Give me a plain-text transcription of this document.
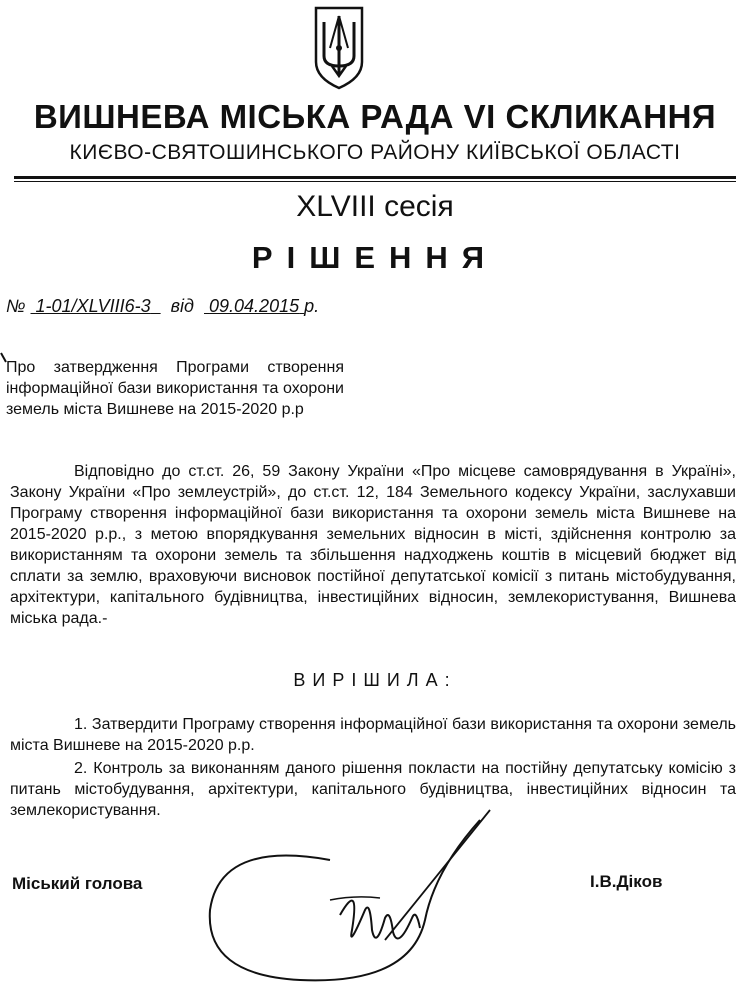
ВИШНЕВА МІСЬКА РАДА VI СКЛИКАННЯ
КИЄВО-СВЯТОШИНСЬКОГО РАЙОНУ КИЇВСЬКОЇ ОБЛАСТІ
XLVIII сесія
РІШЕННЯ
№ 1-01/XLVIII6-3 від 09.04.2015 р.
Про затвердження Програми створення інформаційної бази використання та охорони земель міста Вишневе на 2015-2020 р.р
Відповідно до ст.ст. 26, 59 Закону України «Про місцеве самоврядування в Україні», Закону України «Про землеустрій», до ст.ст. 12, 184 Земельного кодексу України, заслухавши Програму створення інформаційної бази використання та охорони земель міста Вишневе на 2015-2020 р.р., з метою впорядкування земельних відносин в місті, здійснення контролю за використанням та охорони земель та збільшення надходжень коштів в місцевий бюджет від сплати за землю, враховуючи висновок постійної депутатської комісії з питань містобудування, архітектури, капітального будівництва, інвестиційних відносин, землекористування, Вишнева міська рада.-
ВИРІШИЛА:
1. Затвердити Програму створення інформаційної бази використання та охорони земель міста Вишневе на 2015-2020 р.р.
2. Контроль за виконанням даного рішення покласти на постійну депутатську комісію з питань містобудування, архітектури, капітального будівництва, інвестиційних відносин та землекористування.
Міський голова	І.В.Діков
